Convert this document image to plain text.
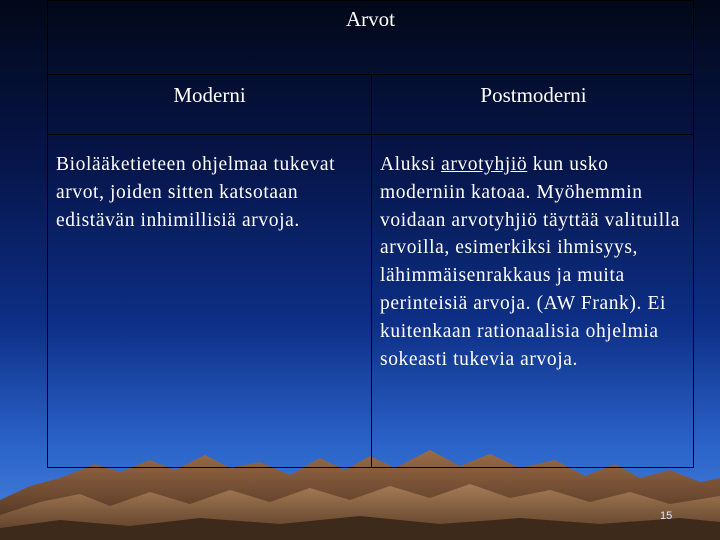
Arvot
Moderni	Postmoderni
Biolääketieteen ohjelmaa tukevat arvot, joiden sitten katsotaan edistävän inhimillisiä arvoja.
Aluksi arvotyhjiö kun usko moderniin katoaa. Myöhemmin voidaan arvotyhjiö täyttää valituilla arvoilla, esimerkiksi ihmisyys, lähimmäisenrakkaus ja muita perinteisiä arvoja. (AW Frank). Ei kuitenkaan rationaalisia ohjelmia sokeasti tukevia arvoja.
15
